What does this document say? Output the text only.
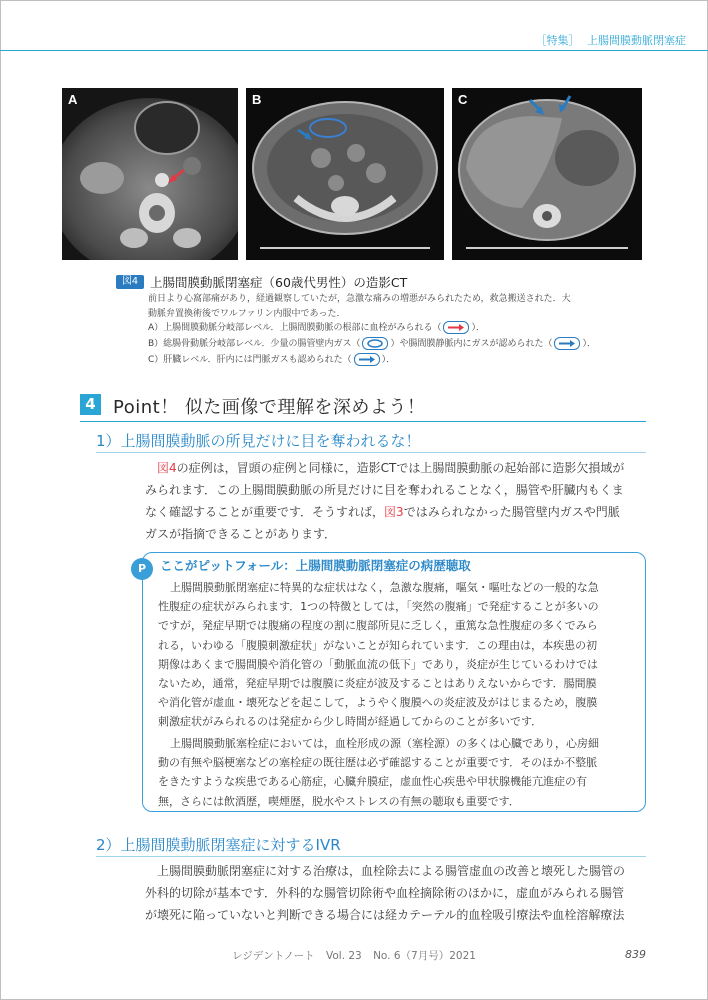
［特集］ 上腸間膜動脈閉塞症
A	B	C
図4 上腸間膜動脈閉塞症（60歳代男性）の造影CT
前日より心窩部痛があり，経過観察していたが，急激な痛みの増悪がみられたため，救急搬送された．大
動脈弁置換術後でワルファリン内服中であった．
A）上腸間膜動脈分岐部レベル．上腸間膜動脈の根部に血栓がみられる（	）．
B）総腸骨動脈分岐部レベル．少量の腸管壁内ガス（	）や腸間膜静脈内にガスが認められた（	）．
C）肝臓レベル．肝内には門脈ガスも認められた（	）．
4 Point！ 似た画像で理解を深めよう！
1）上腸間膜動脈の所見だけに目を奪われるな！
図4の症例は，冒頭の症例と同様に，造影CTでは上腸間膜動脈の起始部に造影欠損域が
みられます．この上腸間膜動脈の所見だけに目を奪われることなく，腸管や肝臓内もくま
なく確認することが重要です．そうすれば，図3ではみられなかった腸管壁内ガスや門脈
ガスが指摘できることがあります．
P	ここがピットフォール：上腸間膜動脈閉塞症の病歴聴取
上腸間膜動脈閉塞症に特異的な症状はなく，急激な腹痛，嘔気・嘔吐などの一般的な急
性腹症の症状がみられます．1つの特徴としては，「突然の腹痛」で発症することが多いの
ですが，発症早期では腹痛の程度の割に腹部所見に乏しく，重篤な急性腹症の多くでみら
れる，いわゆる「腹膜刺激症状」がないことが知られています．この理由は，本疾患の初
期像はあくまで腸間膜や消化管の「動脈血流の低下」であり，炎症が生じているわけでは
ないため，通常，発症早期では腹膜に炎症が波及することはありえないからです．腸間膜
や消化管が虚血・壊死などを起こして，ようやく腹膜への炎症波及がはじまるため，腹膜
刺激症状がみられるのは発症から少し時間が経過してからのことが多いです．
上腸間膜動脈塞栓症においては，血栓形成の源（塞栓源）の多くは心臓であり，心房細
動の有無や脳梗塞などの塞栓症の既往歴は必ず確認することが重要です．そのほか不整脈
をきたすような疾患である心筋症，心臓弁膜症，虚血性心疾患や甲状腺機能亢進症の有
無，さらには飲酒歴，喫煙歴，脱水やストレスの有無の聴取も重要です．
2）上腸間膜動脈閉塞症に対するIVR
上腸間膜動脈閉塞症に対する治療は，血栓除去による腸管虚血の改善と壊死した腸管の
外科的切除が基本です．外科的な腸管切除術や血栓摘除術のほかに，虚血がみられる腸管
が壊死に陥っていないと判断できる場合には経カテーテル的血栓吸引療法や血栓溶解療法
レジデントノート Vol. 23 No. 6（7月号）2021	839
